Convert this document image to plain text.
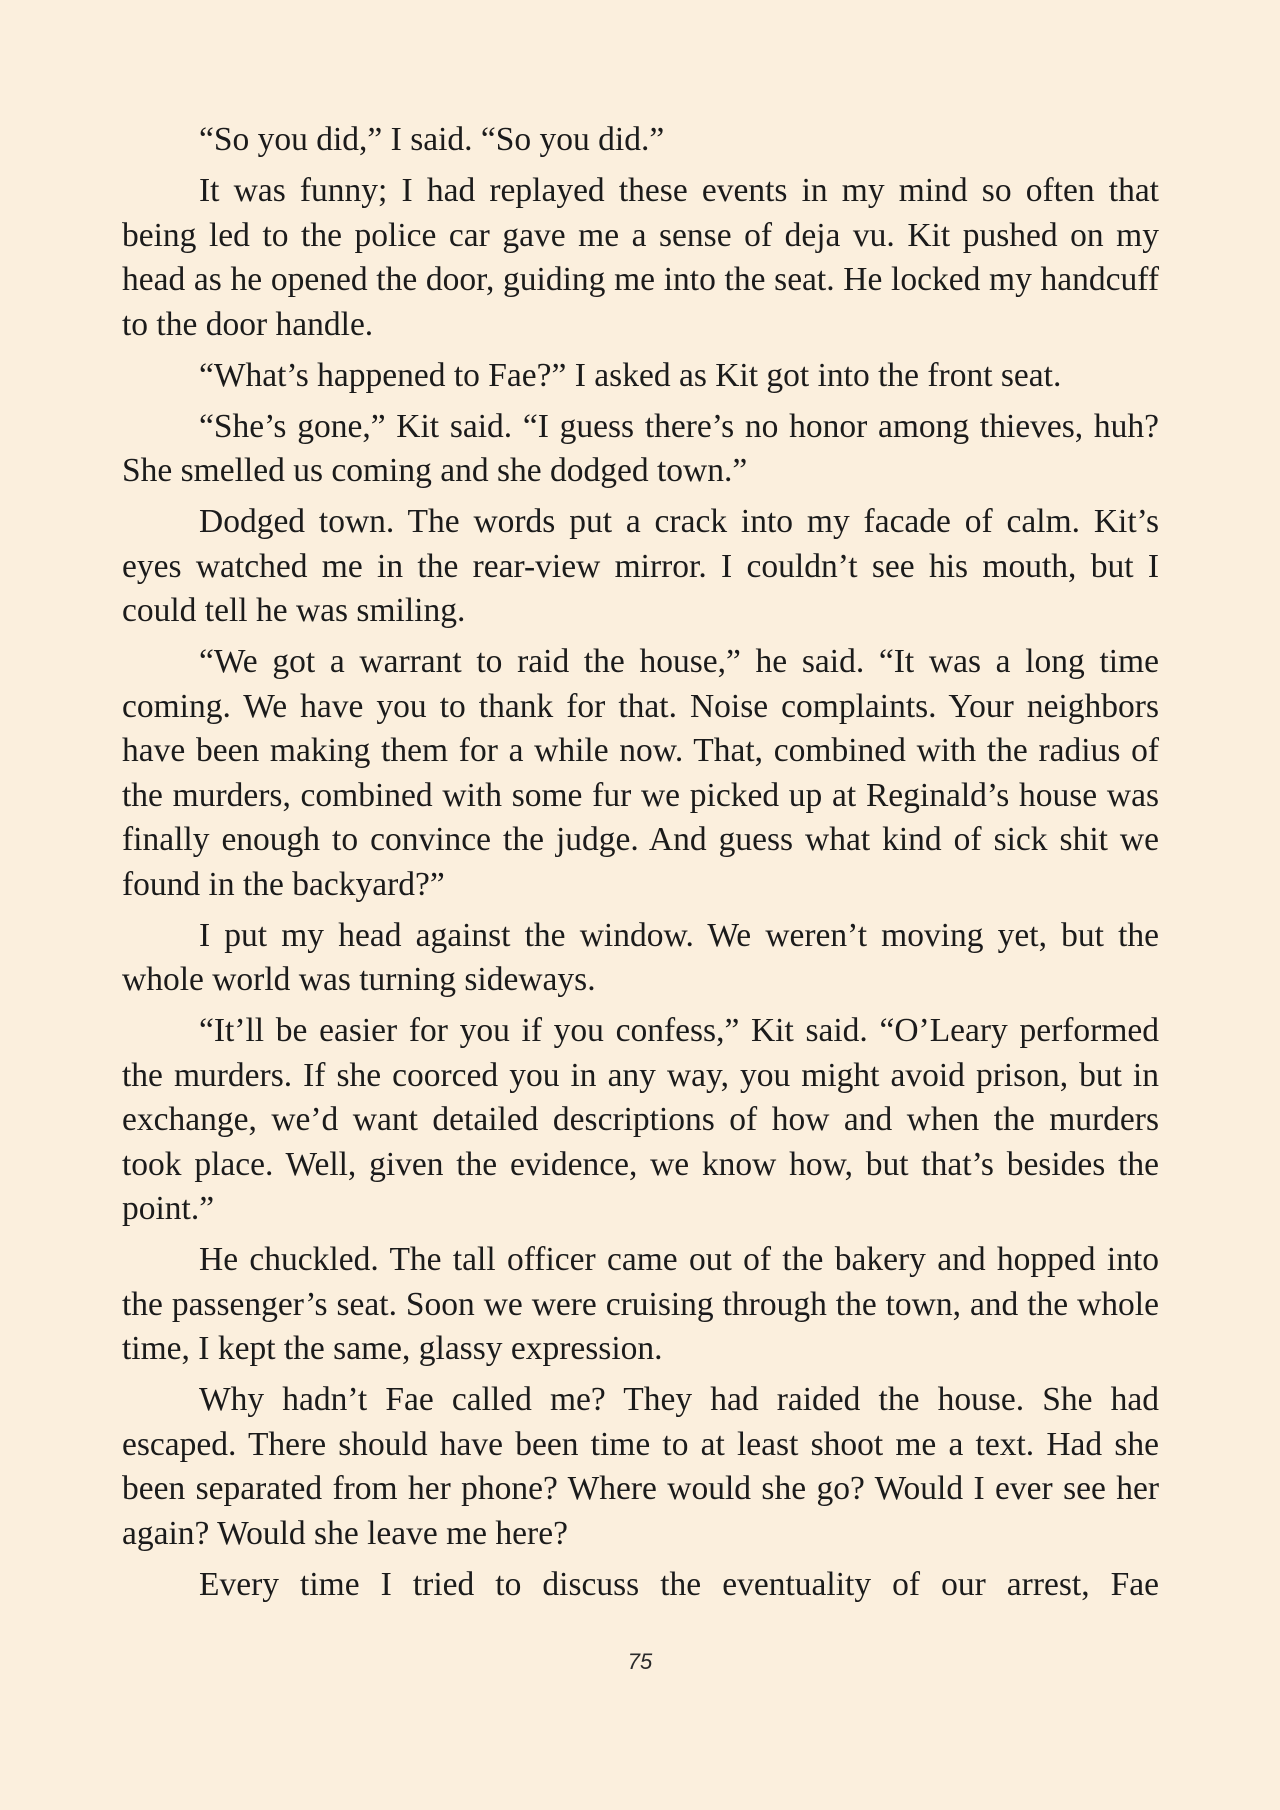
“So you did,” I said. “So you did.”

It was funny; I had replayed these events in my mind so often that being led to the police car gave me a sense of deja vu. Kit pushed on my head as he opened the door, guiding me into the seat. He locked my handcuff to the door handle.

“What’s happened to Fae?” I asked as Kit got into the front seat.

“She’s gone,” Kit said. “I guess there’s no honor among thieves, huh? She smelled us coming and she dodged town.”

Dodged town. The words put a crack into my facade of calm. Kit’s eyes watched me in the rear-view mirror. I couldn’t see his mouth, but I could tell he was smiling.

“We got a warrant to raid the house,” he said. “It was a long time coming. We have you to thank for that. Noise complaints. Your neighbors have been making them for a while now. That, combined with the radius of the murders, combined with some fur we picked up at Reginald’s house was finally enough to convince the judge. And guess what kind of sick shit we found in the backyard?”

I put my head against the window. We weren’t moving yet, but the whole world was turning sideways.

“It’ll be easier for you if you confess,” Kit said. “O’Leary performed the murders. If she coorced you in any way, you might avoid prison, but in exchange, we’d want detailed descriptions of how and when the murders took place. Well, given the evidence, we know how, but that’s besides the point.”

He chuckled. The tall officer came out of the bakery and hopped into the passenger’s seat. Soon we were cruising through the town, and the whole time, I kept the same, glassy expression.

Why hadn’t Fae called me? They had raided the house. She had escaped. There should have been time to at least shoot me a text. Had she been separated from her phone? Where would she go? Would I ever see her again? Would she leave me here?

Every time I tried to discuss the eventuality of our arrest, Fae

75
